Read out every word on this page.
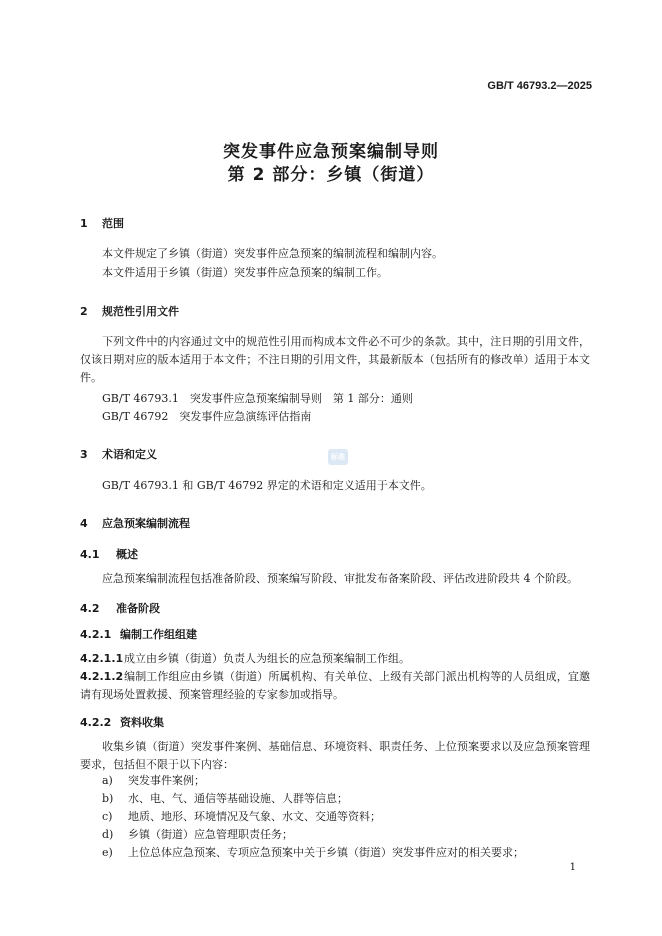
GB/T 46793.2—2025
突发事件应急预案编制导则
第 2 部分：乡镇（街道）
1 范围
本文件规定了乡镇（街道）突发事件应急预案的编制流程和编制内容。
本文件适用于乡镇（街道）突发事件应急预案的编制工作。
2 规范性引用文件
下列文件中的内容通过文中的规范性引用而构成本文件必不可少的条款。其中，注日期的引用文件，仅该日期对应的版本适用于本文件；不注日期的引用文件，其最新版本（包括所有的修改单）适用于本文件。
GB/T 46793.1　突发事件应急预案编制导则　第 1 部分：通则
GB/T 46792　突发事件应急演练评估指南
标准
3 术语和定义
GB/T 46793.1 和 GB/T 46792 界定的术语和定义适用于本文件。
4 应急预案编制流程
4.1 概述
应急预案编制流程包括准备阶段、预案编写阶段、审批发布备案阶段、评估改进阶段共 4 个阶段。
4.2 准备阶段
4.2.1 编制工作组组建
4.2.1.1成立由乡镇（街道）负责人为组长的应急预案编制工作组。
4.2.1.2编制工作组应由乡镇（街道）所属机构、有关单位、上级有关部门派出机构等的人员组成，宜邀请有现场处置救援、预案管理经验的专家参加或指导。
4.2.2 资料收集
收集乡镇（街道）突发事件案例、基础信息、环境资料、职责任务、上位预案要求以及应急预案管理要求，包括但不限于以下内容：
a) 突发事件案例；
b) 水、电、气、通信等基础设施、人群等信息；
c) 地质、地形、环境情况及气象、水文、交通等资料；
d) 乡镇（街道）应急管理职责任务；
e) 上位总体应急预案、专项应急预案中关于乡镇（街道）突发事件应对的相关要求；
1
